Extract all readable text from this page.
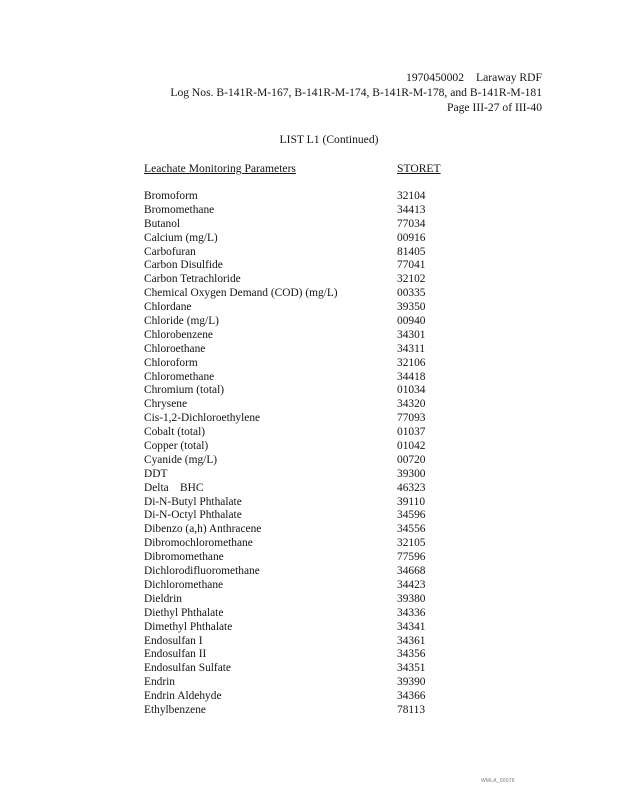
1970450002 Laraway RDF
Log Nos. B-141R-M-167, B-141R-M-174, B-141R-M-178, and B-141R-M-181
Page III-27 of III-40
LIST L1 (Continued)
Leachate Monitoring Parameters	STORET
Bromoform	32104
Bromomethane	34413
Butanol	77034
Calcium (mg/L)	00916
Carbofuran	81405
Carbon Disulfide	77041
Carbon Tetrachloride	32102
Chemical Oxygen Demand (COD) (mg/L)	00335
Chlordane	39350
Chloride (mg/L)	00940
Chlorobenzene	34301
Chloroethane	34311
Chloroform	32106
Chloromethane	34418
Chromium (total)	01034
Chrysene	34320
Cis-1,2-Dichloroethylene	77093
Cobalt (total)	01037
Copper (total)	01042
Cyanide (mg/L)	00720
DDT	39300
Delta    BHC	46323
Di-N-Butyl Phthalate	39110
Di-N-Octyl Phthalate	34596
Dibenzo (a,h) Anthracene	34556
Dibromochloromethane	32105
Dibromomethane	77596
Dichlorodifluoromethane	34668
Dichloromethane	34423
Dieldrin	39380
Diethyl Phthalate	34336
Dimethyl Phthalate	34341
Endosulfan I	34361
Endosulfan II	34356
Endosulfan Sulfate	34351
Endrin	39390
Endrin Aldehyde	34366
Ethylbenzene	78113
WMLA_00076
